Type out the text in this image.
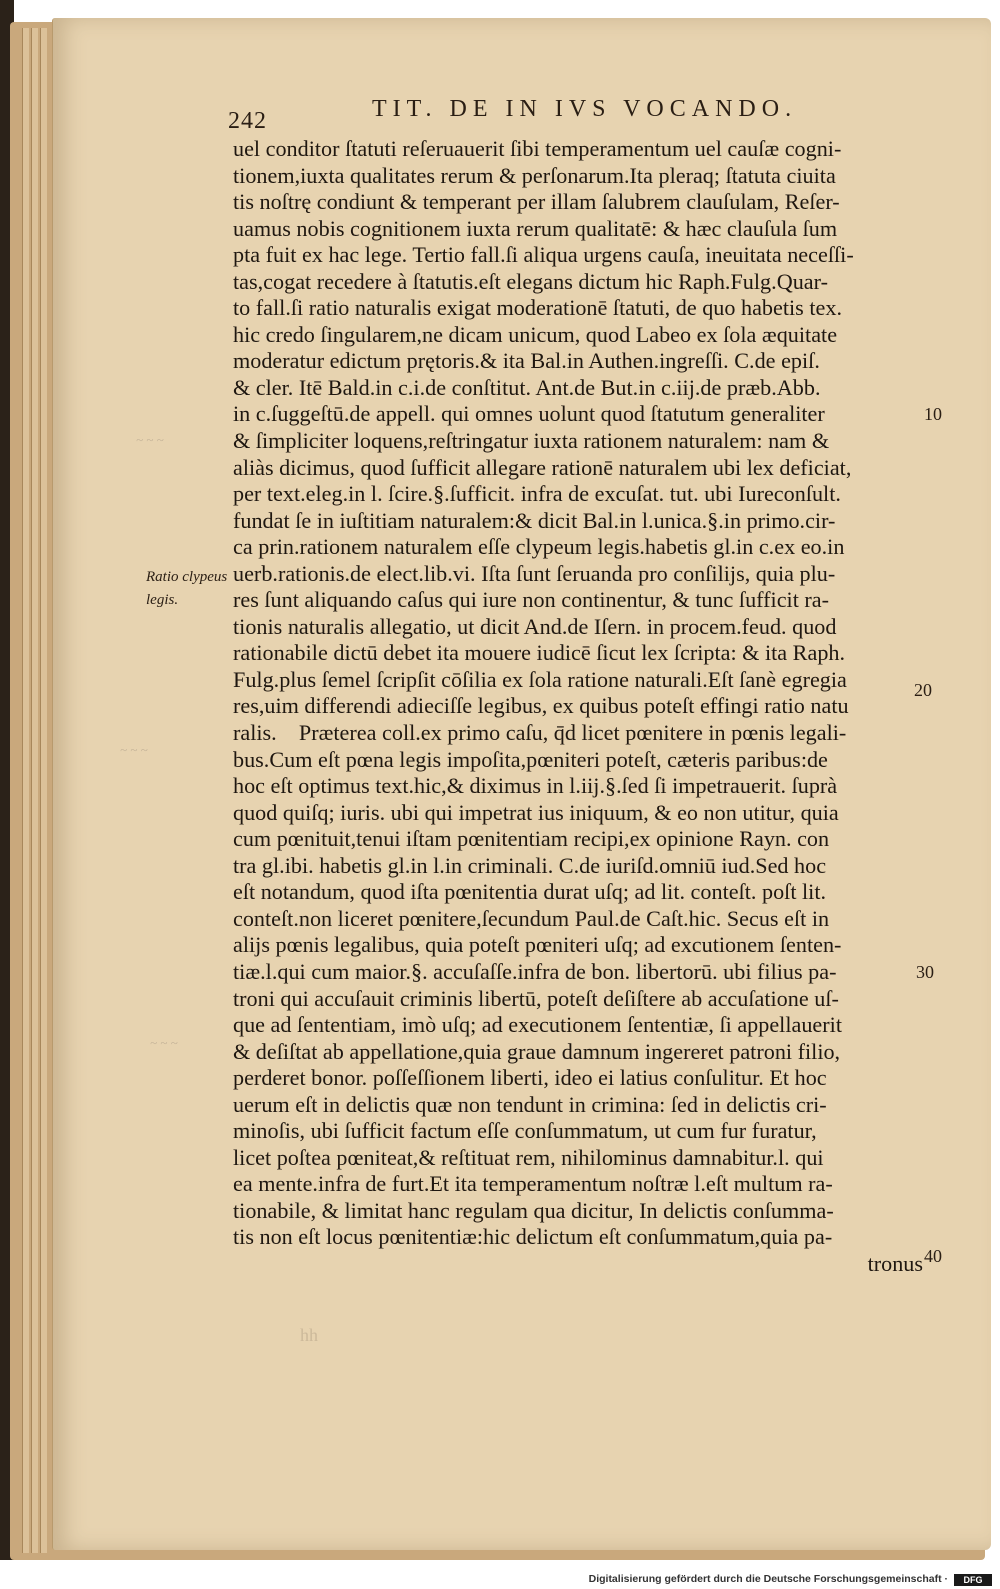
242	TIT. DE IN IVS VOCANDO.
~ ~ ~
~ ~ ~
~ ~ ~
Ratio clypeus
legis.
10
20
30
40
hh
uel conditor ſtatuti reſeruauerit ſibi temperamentum uel cauſæ cogni-
tionem,iuxta qualitates rerum & perſonarum.Ita pleraq; ſtatuta ciuita
tis noſtrę condiunt & temperant per illam ſalubrem clauſulam, Reſer-
uamus nobis cognitionem iuxta rerum qualitatē: & hæc clauſula ſum
pta fuit ex hac lege. Tertio fall.ſi aliqua urgens cauſa, ineuitata neceſſi-
tas,cogat recedere à ſtatutis.eſt elegans dictum hic Raph.Fulg.Quar-
to fall.ſi ratio naturalis exigat moderationē ſtatuti, de quo habetis tex.
hic credo ſingularem,ne dicam unicum, quod Labeo ex ſola æquitate
moderatur edictum prętoris.& ita Bal.in Authen.ingreſſi. C.de epiſ.
& cler. Itē Bald.in c.i.de conſtitut. Ant.de But.in c.iij.de præb.Abb.
in c.ſuggeſtū.de appell. qui omnes uolunt quod ſtatutum generaliter
& ſimpliciter loquens,reſtringatur iuxta rationem naturalem: nam &
aliàs dicimus, quod ſufficit allegare rationē naturalem ubi lex deficiat,
per text.eleg.in l. ſcire.§.ſufficit. infra de excuſat. tut. ubi Iureconſult.
fundat ſe in iuſtitiam naturalem:& dicit Bal.in l.unica.§.in primo.cir-
ca prin.rationem naturalem eſſe clypeum legis.habetis gl.in c.ex eo.in
uerb.rationis.de elect.lib.vi. Iſta ſunt ſeruanda pro conſilijs, quia plu-
res ſunt aliquando caſus qui iure non continentur, & tunc ſufficit ra-
tionis naturalis allegatio, ut dicit And.de Iſern. in procem.feud. quod
rationabile dictū debet ita mouere iudicē ſicut lex ſcripta: & ita Raph.
Fulg.plus ſemel ſcripſit cōſilia ex ſola ratione naturali.Eſt ſanè egregia
res,uim differendi adieciſſe legibus, ex quibus poteſt effingi ratio natu
ralis.    Præterea coll.ex primo caſu, q̄d licet pœnitere in pœnis legali-
bus.Cum eſt pœna legis impoſita,pœniteri poteſt, cæteris paribus:de
hoc eſt optimus text.hic,& diximus in l.iij.§.ſed ſi impetrauerit. ſuprà
quod quiſq; iuris. ubi qui impetrat ius iniquum, & eo non utitur, quia
cum pœnituit,tenui iſtam pœnitentiam recipi,ex opinione Rayn. con
tra gl.ibi. habetis gl.in l.in criminali. C.de iuriſd.omniū iud.Sed hoc
eſt notandum, quod iſta pœnitentia durat uſq; ad lit. conteſt. poſt lit.
conteſt.non liceret pœnitere,ſecundum Paul.de Caſt.hic. Secus eſt in
alijs pœnis legalibus, quia poteſt pœniteri uſq; ad excutionem ſenten-
tiæ.l.qui cum maior.§. accuſaſſe.infra de bon. libertorū. ubi filius pa-
troni qui accuſauit criminis libertū, poteſt deſiſtere ab accuſatione uſ-
que ad ſententiam, imò uſq; ad executionem ſententiæ, ſi appellauerit
& deſiſtat ab appellatione,quia graue damnum ingereret patroni filio,
perderet bonor. poſſeſſionem liberti, ideo ei latius conſulitur. Et hoc
uerum eſt in delictis quæ non tendunt in crimina: ſed in delictis cri-
minoſis, ubi ſufficit factum eſſe conſummatum, ut cum fur furatur,
licet poſtea pœniteat,& reſtituat rem, nihilominus damnabitur.l. qui
ea mente.infra de furt.Et ita temperamentum noſtræ l.eſt multum ra-
tionabile, & limitat hanc regulam qua dicitur, In delictis conſumma-
tis non eſt locus pœnitentiæ:hic delictum eſt conſummatum,quia pa-
tronus
Digitalisierung gefördert durch die Deutsche Forschungsgemeinschaft ·	DFG
